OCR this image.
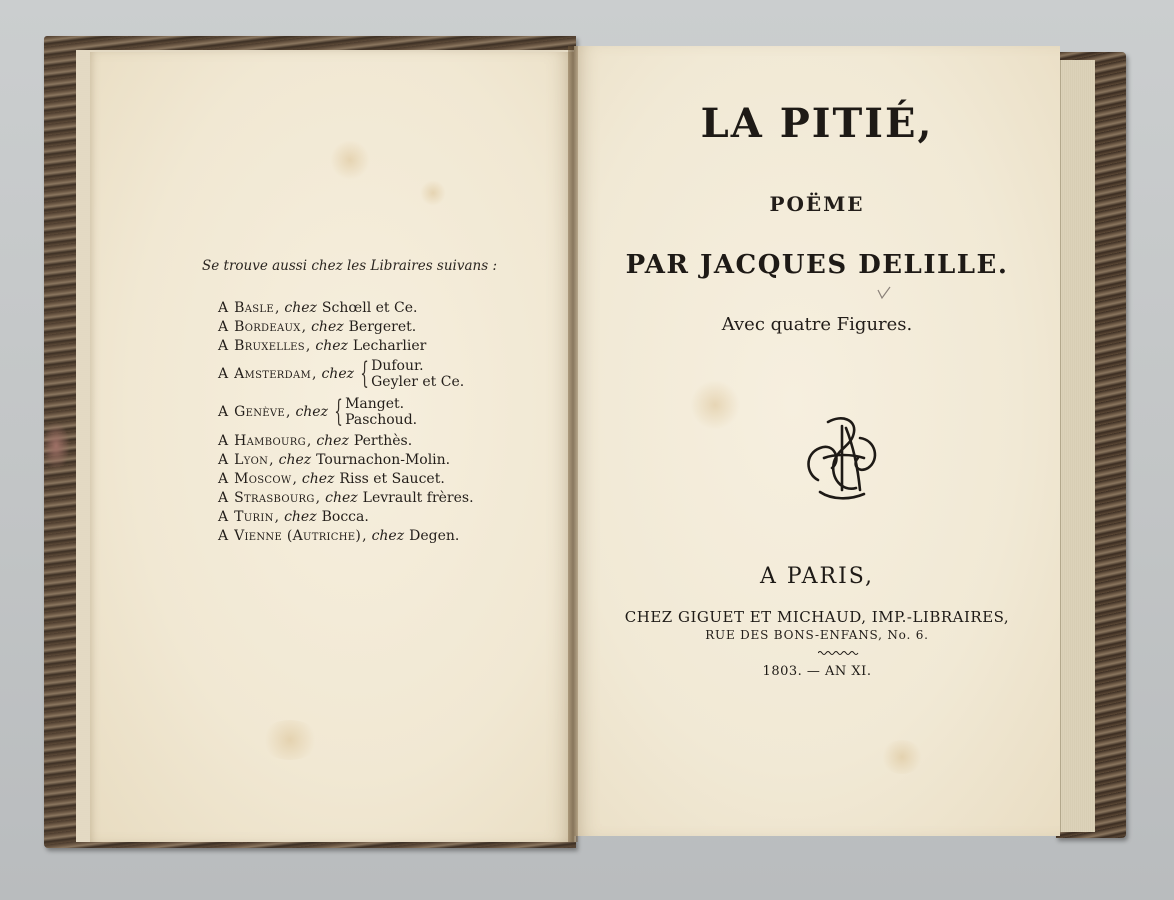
Se trouve aussi chez les Libraires suivans :
A Basle , chez Schœll et Ce.
A Bordeaux , chez Bergeret.
A Bruxelles , chez Lecharlier
A Amsterdam , chez { Dufour.
Geyler et Ce.
A Genève , chez { Manget.
Paschoud.
A Hambourg , chez Perthès.
A Lyon , chez Tournachon-Molin.
A Moscow , chez Riss et Saucet.
A Strasbourg , chez Levrault frères.
A Turin , chez Bocca.
A Vienne (Autriche) , chez Degen.
LA PITIÉ,
POËME
PAR JACQUES DELILLE.
Avec quatre Figures.
A PARIS,
CHEZ GIGUET ET MICHAUD, IMP.-LIBRAIRES,
RUE DES BONS-ENFANS, No. 6.
1803. — AN XI.
